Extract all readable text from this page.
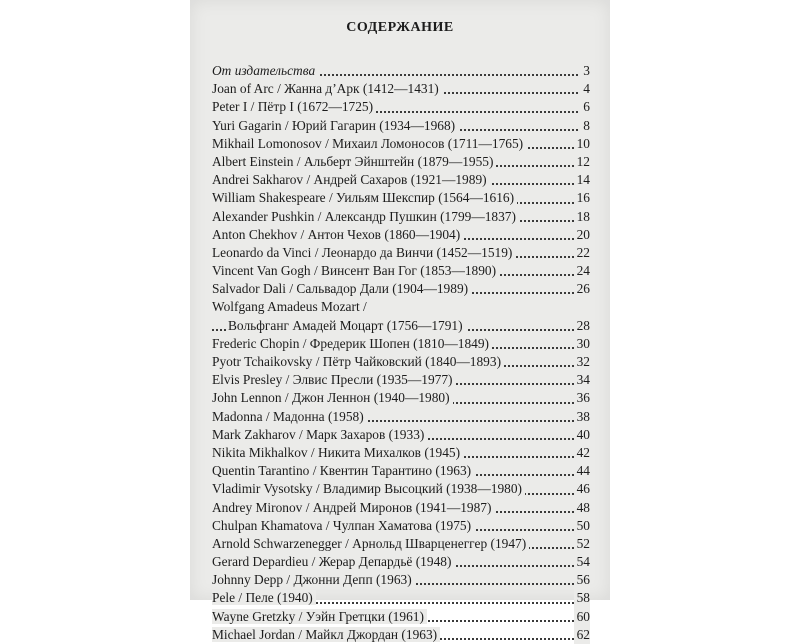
СОДЕРЖАНИЕ
От издательства	3
Joan of Arc / Жанна д’Арк (1412—1431)	4
Peter I / Пётр I (1672—1725)	6
Yuri Gagarin / Юрий Гагарин (1934—1968)	8
Mikhail Lomonosov / Михаил Ломоносов (1711—1765)	10
Albert Einstein / Альберт Эйнштейн (1879—1955)	12
Andrei Sakharov / Андрей Сахаров (1921—1989)	14
William Shakespeare / Уильям Шекспир (1564—1616)	16
Alexander Pushkin / Александр Пушкин (1799—1837)	18
Anton Chekhov / Антон Чехов (1860—1904)	20
Leonardo da Vinci / Леонардо да Винчи (1452—1519)	22
Vincent Van Gogh / Винсент Ван Гог (1853—1890)	24
Salvador Dali / Сальвадор Дали (1904—1989)	26
Wolfgang Amadeus Mozart /
Вольфганг Амадей Моцарт (1756—1791)	28
Frederic Chopin / Фредерик Шопен (1810—1849)	30
Pyotr Tchaikovsky / Пётр Чайковский (1840—1893)	32
Elvis Presley / Элвис Пресли (1935—1977)	34
John Lennon / Джон Леннон (1940—1980)	36
Madonna / Мадонна (1958)	38
Mark Zakharov / Марк Захаров (1933)	40
Nikita Mikhalkov / Никита Михалков (1945)	42
Quentin Tarantino / Квентин Тарантино (1963)	44
Vladimir Vysotsky / Владимир Высоцкий (1938—1980)	46
Andrey Mironov / Андрей Миронов (1941—1987)	48
Chulpan Khamatova / Чулпан Хаматова (1975)	50
Arnold Schwarzenegger / Арнольд Шварценеггер (1947)	52
Gerard Depardieu / Жерар Депардьё (1948)	54
Johnny Depp / Джонни Депп (1963)	56
Pele / Пеле (1940)	58
Wayne Gretzky / Уэйн Гретцки (1961)	60
Michael Jordan / Майкл Джордан (1963)	62
